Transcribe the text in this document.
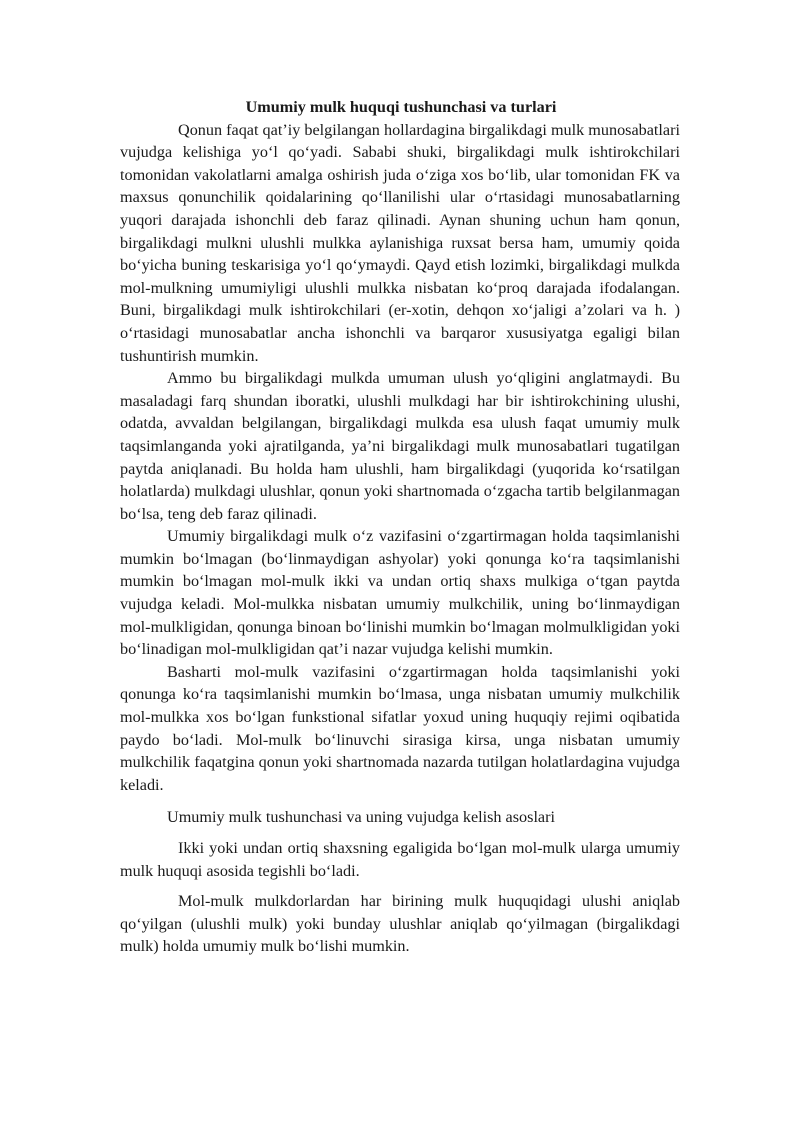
Umumiy mulk huquqi tushunchasi va turlari

Qonun faqat qat’iy belgilangan hollardagina birgalikdagi mulk munosabatlari vujudga kelishiga yo‘l qo‘yadi. Sababi shuki, birgalikdagi mulk ishtirokchilari tomonidan vakolatlarni amalga oshirish juda o‘ziga xos bo‘lib, ular tomonidan FK va maxsus qonunchilik qoidalarining qo‘llanilishi ular o‘rtasidagi munosabatlarning yuqori darajada ishonchli deb faraz qilinadi. Aynan shuning uchun ham qonun, birgalikdagi mulkni ulushli mulkka aylanishiga ruxsat bersa ham, umumiy qoida bo‘yicha buning teskarisiga yo‘l qo‘ymaydi. Qayd etish lozimki, birgalikdagi mulkda mol-mulkning umumiyligi ulushli mulkka nisbatan ko‘proq darajada ifodalangan. Buni, birgalikdagi mulk ishtirokchilari (er-xotin, dehqon xo‘jaligi a’zolari va h. ) o‘rtasidagi munosabatlar ancha ishonchli va barqaror xususiyatga egaligi bilan tushuntirish mumkin.

Ammo bu birgalikdagi mulkda umuman ulush yo‘qligini anglatmaydi. Bu masaladagi farq shundan iboratki, ulushli mulkdagi har bir ishtirokchining ulushi, odatda, avvaldan belgilangan, birgalikdagi mulkda esa ulush faqat umumiy mulk taqsimlanganda yoki ajratilganda, ya’ni birgalikdagi mulk munosabatlari tugatilgan paytda aniqlanadi. Bu holda ham ulushli, ham birgalikdagi (yuqorida ko‘rsatilgan holatlarda) mulkdagi ulushlar, qonun yoki shartnomada o‘zgacha tartib belgilanmagan bo‘lsa, teng deb faraz qilinadi.

Umumiy birgalikdagi mulk o‘z vazifasini o‘zgartirmagan holda taqsimlanishi mumkin bo‘lmagan (bo‘linmaydigan ashyolar) yoki qonunga ko‘ra taqsimlanishi mumkin bo‘lmagan mol-mulk ikki va undan ortiq shaxs mulkiga o‘tgan paytda vujudga keladi. Mol-mulkka nisbatan umumiy mulkchilik, uning bo‘linmaydigan mol-mulkligidan, qonunga binoan bo‘linishi mumkin bo‘lmagan molmulkligidan yoki bo‘linadigan mol-mulkligidan qat’i nazar vujudga kelishi mumkin.

Basharti mol-mulk vazifasini o‘zgartirmagan holda taqsimlanishi yoki qonunga ko‘ra taqsimlanishi mumkin bo‘lmasa, unga nisbatan umumiy mulkchilik mol-mulkka xos bo‘lgan funkstional sifatlar yoxud uning huquqiy rejimi oqibatida paydo bo‘ladi. Mol-mulk bo‘linuvchi sirasiga kirsa, unga nisbatan umumiy mulkchilik faqatgina qonun yoki shartnomada nazarda tutilgan holatlardagina vujudga keladi.

Umumiy mulk tushunchasi va uning vujudga kelish asoslari

Ikki yoki undan ortiq shaxsning egaligida bo‘lgan mol-mulk ularga umumiy mulk huquqi asosida tegishli bo‘ladi.

Mol-mulk mulkdorlardan har birining mulk huquqidagi ulushi aniqlab qo‘yilgan (ulushli mulk) yoki bunday ulushlar aniqlab qo‘yilmagan (birgalikdagi mulk) holda umumiy mulk bo‘lishi mumkin.
